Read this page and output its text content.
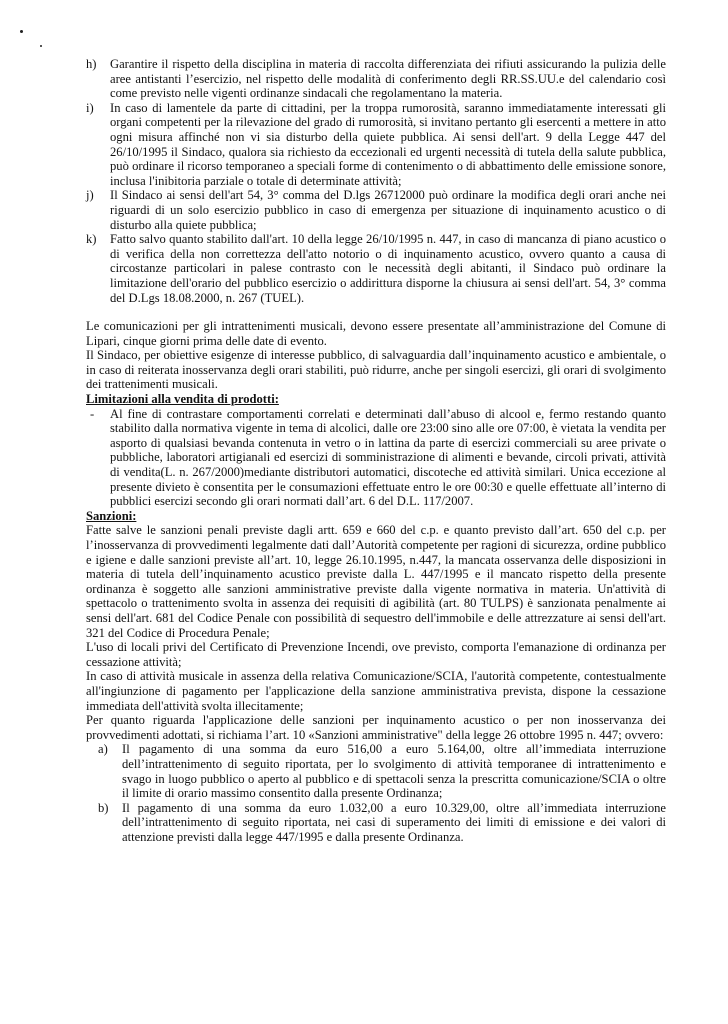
h)	Garantire il rispetto della disciplina in materia di raccolta differenziata dei rifiuti assicurando la pulizia delle aree antistanti l’esercizio, nel rispetto delle modalità di conferimento degli RR.SS.UU.e del calendario così come previsto nelle vigenti ordinanze sindacali che regolamentano la materia.
i)	In caso di lamentele da parte di cittadini, per la troppa rumorosità, saranno immediatamente interessati gli organi competenti per la rilevazione del grado di rumorosità, si invitano pertanto gli esercenti a mettere in atto ogni misura affinché non vi sia disturbo della quiete pubblica. Ai sensi dell'art. 9 della Legge 447 del 26/10/1995 il Sindaco, qualora sia richiesto da eccezionali ed urgenti necessità di tutela della salute pubblica, può ordinare il ricorso temporaneo a speciali forme di contenimento o di abbattimento delle emissione sonore, inclusa l'inibitoria parziale o totale di determinate attività;
j)	Il Sindaco ai sensi dell'art 54, 3° comma del D.lgs 26712000 può ordinare la modifica degli orari anche nei riguardi di un solo esercizio pubblico in caso di emergenza per situazione di inquinamento acustico o di disturbo alla quiete pubblica;
k)	Fatto salvo quanto stabilito dall'art. 10 della legge 26/10/1995 n. 447, in caso di mancanza di piano acustico o di verifica della non correttezza dell'atto notorio o di inquinamento acustico, ovvero quanto a causa di circostanze particolari in palese contrasto con le necessità degli abitanti, il Sindaco può ordinare la limitazione dell'orario del pubblico esercizio o addirittura disporne la chiusura ai sensi dell'art. 54, 3° comma del D.Lgs 18.08.2000, n. 267 (TUEL).

Le comunicazioni per gli intrattenimenti musicali, devono essere presentate all’amministrazione del Comune di Lipari, cinque giorni prima delle date di evento.

Il Sindaco, per obiettive esigenze di interesse pubblico, di salvaguardia dall’inquinamento acustico e ambientale, o in caso di reiterata inosservanza degli orari stabiliti, può ridurre, anche per singoli esercizi, gli orari di svolgimento dei trattenimenti musicali.

Limitazioni alla vendita di prodotti:

-	Al fine di contrastare comportamenti correlati e determinati dall’abuso di alcool e, fermo restando quanto stabilito dalla normativa vigente in tema di alcolici, dalle ore 23:00 sino alle ore 07:00, è vietata la vendita per asporto di qualsiasi bevanda contenuta in vetro o in lattina da parte di esercizi commerciali su aree private o pubbliche, laboratori artigianali ed esercizi di somministrazione di alimenti e bevande, circoli privati, attività di vendita(L. n. 267/2000)mediante distributori automatici, discoteche ed attività similari. Unica eccezione al presente divieto è consentita per le consumazioni effettuate entro le ore 00:30 e quelle effettuate all’interno di pubblici esercizi secondo gli orari normati dall’art. 6 del D.L. 117/2007.

Sanzioni:

Fatte salve le sanzioni penali previste dagli artt. 659 e 660 del c.p. e quanto previsto dall’art. 650 del c.p. per l’inosservanza di provvedimenti legalmente dati dall’Autorità competente per ragioni di sicurezza, ordine pubblico e igiene e dalle sanzioni previste all’art. 10, legge 26.10.1995, n.447, la mancata osservanza delle disposizioni in materia di tutela dell’inquinamento acustico previste dalla L. 447/1995 e il mancato rispetto della presente ordinanza è soggetto alle sanzioni amministrative previste dalla vigente normativa in materia. Un'attività di spettacolo o trattenimento svolta in assenza dei requisiti di agibilità (art. 80 TULPS) è sanzionata penalmente ai sensi dell'art. 681 del Codice Penale con possibilità di sequestro dell'immobile e delle attrezzature ai sensi dell'art. 321 del Codice di Procedura Penale;

L'uso di locali privi del Certificato di Prevenzione Incendi, ove previsto, comporta l'emanazione di ordinanza per cessazione attività;

In caso di attività musicale in assenza della relativa Comunicazione/SCIA, l'autorità competente, contestualmente all'ingiunzione di pagamento per l'applicazione della sanzione amministrativa prevista, dispone la cessazione immediata dell'attività svolta illecitamente;

Per quanto riguarda l'applicazione delle sanzioni per inquinamento acustico o per non inosservanza dei provvedimenti adottati, si richiama l’art. 10 «Sanzioni amministrative" della legge 26 ottobre 1995 n. 447; ovvero:

a)	Il pagamento di una somma da euro 516,00 a euro 5.164,00, oltre all’immediata interruzione dell’intrattenimento di seguito riportata, per lo svolgimento di attività temporanee di intrattenimento e svago in luogo pubblico o aperto al pubblico e di spettacoli senza la prescritta comunicazione/SCIA o oltre il limite di orario massimo consentito dalla presente Ordinanza;
b)	Il pagamento di una somma da euro 1.032,00 a euro 10.329,00, oltre all’immediata interruzione dell’intrattenimento di seguito riportata, nei casi di superamento dei limiti di emissione e dei valori di attenzione previsti dalla legge 447/1995 e dalla presente Ordinanza.
